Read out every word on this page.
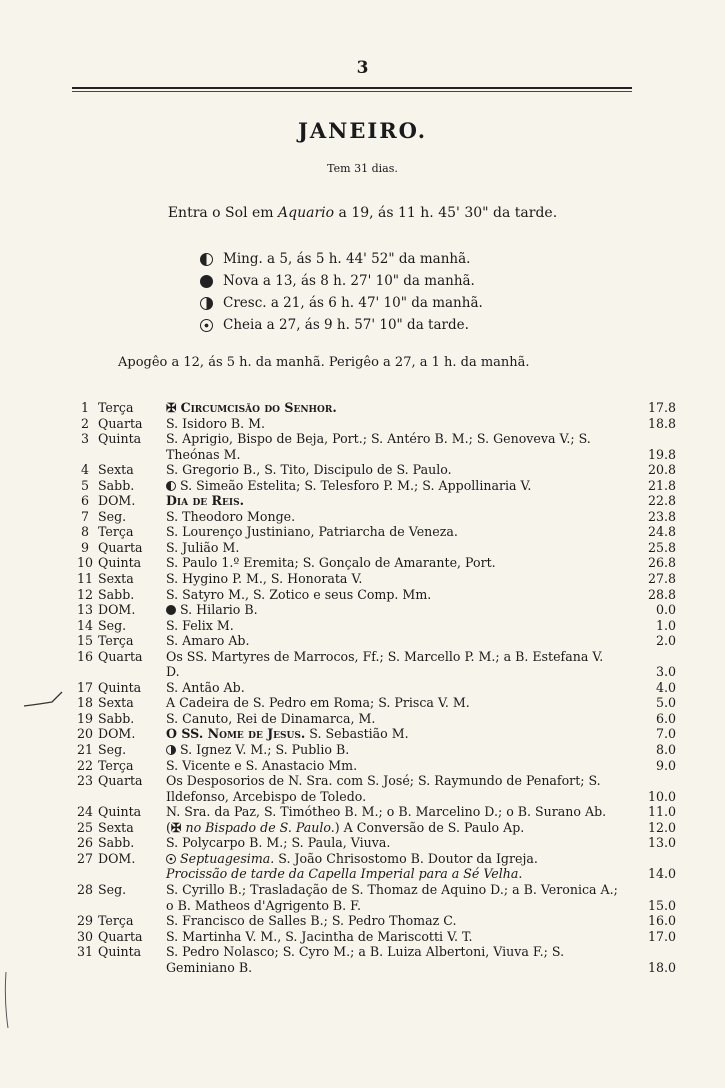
3
JANEIRO.
Tem 31 dias.
Entra o Sol em Aquario a 19, ás 11 h. 45' 30" da tarde.
Ming. a 5, ás 5 h. 44' 52" da manhã.
Nova a 13, ás 8 h. 27' 10" da manhã.
Cresc. a 21, ás 6 h. 47' 10" da manhã.
Cheia a 27, ás 9 h. 57' 10" da tarde.
Apogêo a 12, ás 5 h. da manhã. Perigêo a 27, a 1 h. da manhã.
1 Terça	✠ Circumcisão do Senhor.	17.8
2 Quarta	S. Isidoro B. M.	18.8
3 Quinta	S. Aprigio, Bispo de Beja, Port.; S. Antéro B. M.; S. Genoveva V.; S. Theónas M.	19.8
4 Sexta	S. Gregorio B., S. Tito, Discipulo de S. Paulo.	20.8
5 Sabb.	S. Simeão Estelita; S. Telesforo P. M.; S. Appollinaria V.	21.8
6 DOM.	Dia de Reis.	22.8
7 Seg.	S. Theodoro Monge.	23.8
8 Terça	S. Lourenço Justiniano, Patriarcha de Veneza.	24.8
9 Quarta	S. Julião M.	25.8
10 Quinta	S. Paulo 1.º Eremita; S. Gonçalo de Amarante, Port.	26.8
11 Sexta	S. Hygino P. M., S. Honorata V.	27.8
12 Sabb.	S. Satyro M., S. Zotico e seus Comp. Mm.	28.8
13 DOM.	S. Hilario B.	0.0
14 Seg.	S. Felix M.	1.0
15 Terça	S. Amaro Ab.	2.0
16 Quarta	Os SS. Martyres de Marrocos, Ff.; S. Marcello P. M.; a B. Estefana V. D.	3.0
17 Quinta	S. Antão Ab.	4.0
18 Sexta	A Cadeira de S. Pedro em Roma; S. Prisca V. M.	5.0
19 Sabb.	S. Canuto, Rei de Dinamarca, M.	6.0
20 DOM.	O SS. Nome de Jesus. S. Sebastião M.	7.0
21 Seg.	S. Ignez V. M.; S. Publio B.	8.0
22 Terça	S. Vicente e S. Anastacio Mm.	9.0
23 Quarta	Os Desposorios de N. Sra. com S. José; S. Raymundo de Penafort; S. Ildefonso, Arcebispo de Toledo.	10.0
24 Quinta	N. Sra. da Paz, S. Timótheo B. M.; o B. Marcelino D.; o B. Surano Ab.	11.0
25 Sexta	(✠ no Bispado de S. Paulo.) A Conversão de S. Paulo Ap.	12.0
26 Sabb.	S. Polycarpo B. M.; S. Paula, Viuva.	13.0
27 DOM.	Septuagesima. S. João Chrisostomo B. Doutor da Igreja.
Procissão de tarde da Capella Imperial para a Sé Velha.	14.0
28 Seg.	S. Cyrillo B.; Trasladação de S. Thomaz de Aquino D.; a B. Veronica A.; o B. Matheos d'Agrigento B. F.	15.0
29 Terça	S. Francisco de Salles B.; S. Pedro Thomaz C.	16.0
30 Quarta	S. Martinha V. M., S. Jacintha de Mariscotti V. T.	17.0
31 Quinta	S. Pedro Nolasco; S. Cyro M.; a B. Luiza Albertoni, Viuva F.; S. Geminiano B.	18.0
